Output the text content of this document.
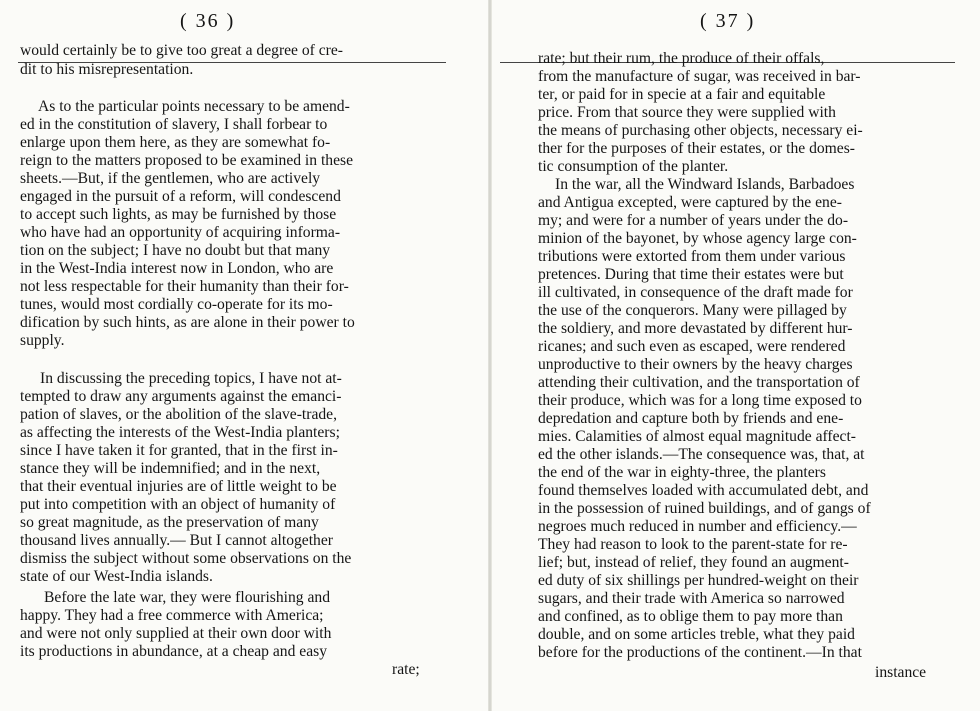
( 36 )	( 37 )
would certainly be to give too great a degree of cre-
dit to his misrepresentation.
As to the particular points necessary to be amend-
ed in the constitution of slavery, I shall forbear to
enlarge upon them here, as they are somewhat fo-
reign to the matters proposed to be examined in these
sheets.—But, if the gentlemen, who are actively
engaged in the pursuit of a reform, will condescend
to accept such lights, as may be furnished by those
who have had an opportunity of acquiring informa-
tion on the subject; I have no doubt but that many
in the West-India interest now in London, who are
not less respectable for their humanity than their for-
tunes, would most cordially co-operate for its mo-
dification by such hints, as are alone in their power to
supply.
In discussing the preceding topics, I have not at-
tempted to draw any arguments against the emanci-
pation of slaves, or the abolition of the slave-trade,
as affecting the interests of the West-India planters;
since I have taken it for granted, that in the first in-
stance they will be indemnified; and in the next,
that their eventual injuries are of little weight to be
put into competition with an object of humanity of
so great magnitude, as the preservation of many
thousand lives annually.— But I cannot altogether
dismiss the subject without some observations on the
state of our West-India islands.
Before the late war, they were flourishing and
happy. They had a free commerce with America;
and were not only supplied at their own door with
its productions in abundance, at a cheap and easy
rate;
rate; but their rum, the produce of their offals,
from the manufacture of sugar, was received in bar-
ter, or paid for in specie at a fair and equitable
price. From that source they were supplied with
the means of purchasing other objects, necessary ei-
ther for the purposes of their estates, or the domes-
tic consumption of the planter.
In the war, all the Windward Islands, Barbadoes
and Antigua excepted, were captured by the ene-
my; and were for a number of years under the do-
minion of the bayonet, by whose agency large con-
tributions were extorted from them under various
pretences. During that time their estates were but
ill cultivated, in consequence of the draft made for
the use of the conquerors. Many were pillaged by
the soldiery, and more devastated by different hur-
ricanes; and such even as escaped, were rendered
unproductive to their owners by the heavy charges
attending their cultivation, and the transportation of
their produce, which was for a long time exposed to
depredation and capture both by friends and ene-
mies. Calamities of almost equal magnitude affect-
ed the other islands.—The consequence was, that, at
the end of the war in eighty-three, the planters
found themselves loaded with accumulated debt, and
in the possession of ruined buildings, and of gangs of
negroes much reduced in number and efficiency.—
They had reason to look to the parent-state for re-
lief; but, instead of relief, they found an augment-
ed duty of six shillings per hundred-weight on their
sugars, and their trade with America so narrowed
and confined, as to oblige them to pay more than
double, and on some articles treble, what they paid
before for the productions of the continent.—In that
instance
